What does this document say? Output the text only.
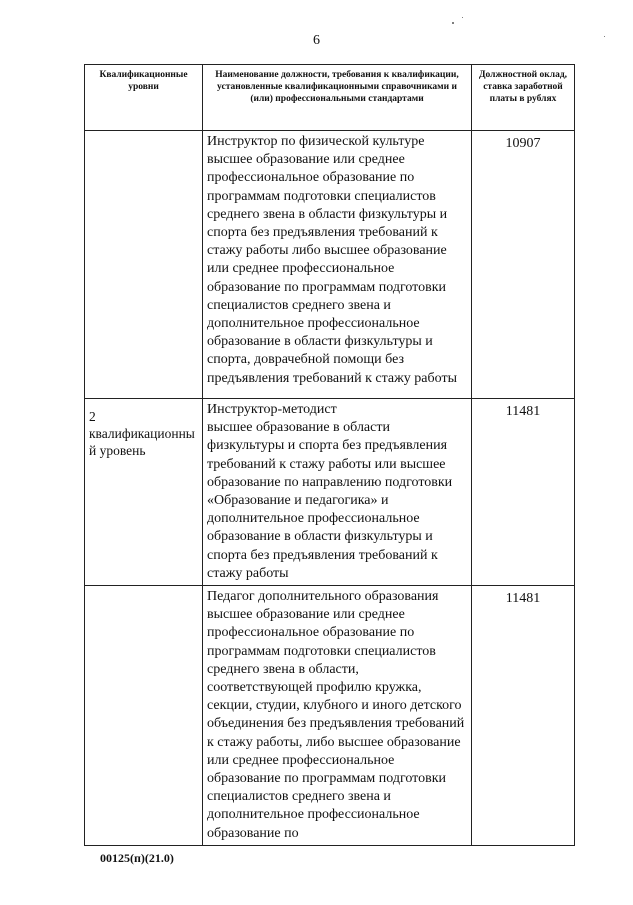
6
Квалификационные уровни	Наименование должности, требования к квалификации, установленные квалификационными справочниками и (или) профессиональными стандартами	Должностной оклад, ставка заработной платы в рублях

	Инструктор по физической культуре
высшее образование или среднее профессиональное образование по программам подготовки специалистов среднего звена в области физкультуры и спорта без предъявления требований к стажу работы либо высшее образование или среднее профессиональное образование по программам подготовки специалистов среднего звена и дополнительное профессиональное образование в области физкультуры и спорта, доврачебной помощи без предъявления требований к стажу работы	10907

2
квалификационный уровень	Инструктор-методист
высшее образование в области физкультуры и спорта без предъявления требований к стажу работы или высшее образование по направлению подготовки «Образование и педагогика» и дополнительное профессиональное образование в области физкультуры и спорта без предъявления требований к стажу работы	11481

	Педагог дополнительного образования
высшее образование или среднее профессиональное образование по программам подготовки специалистов среднего звена в области, соответствующей профилю кружка, секции, студии, клубного и иного детского объединения без предъявления требований к стажу работы, либо высшее образование или среднее профессиональное образование по программам подготовки специалистов среднего звена и дополнительное профессиональное образование по	11481
00125(п)(21.0)
